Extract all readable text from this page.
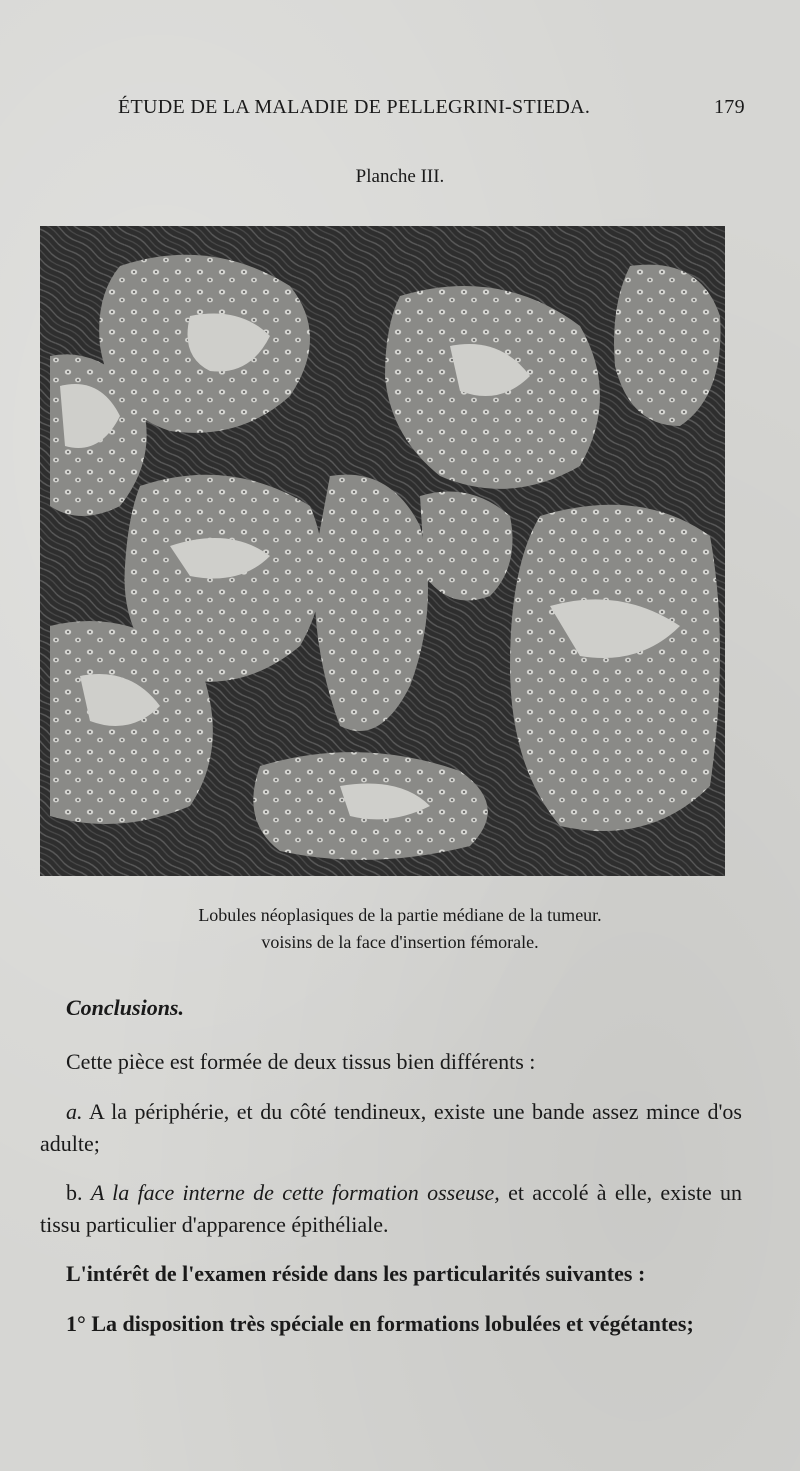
ÉTUDE DE LA MALADIE DE PELLEGRINI-STIEDA.	179
Planche III.
Lobules néoplasiques de la partie médiane de la tumeur.
voisins de la face d'insertion fémorale.
Conclusions.
Cette pièce est formée de deux tissus bien différents :
a. A la périphérie, et du côté tendineux, existe une bande assez mince d'os adulte;
b. A la face interne de cette formation osseuse, et accolé à elle, existe un tissu particulier d'apparence épithéliale.
L'intérêt de l'examen réside dans les particularités suivantes :
1° La disposition très spéciale en formations lobulées et végétantes;
